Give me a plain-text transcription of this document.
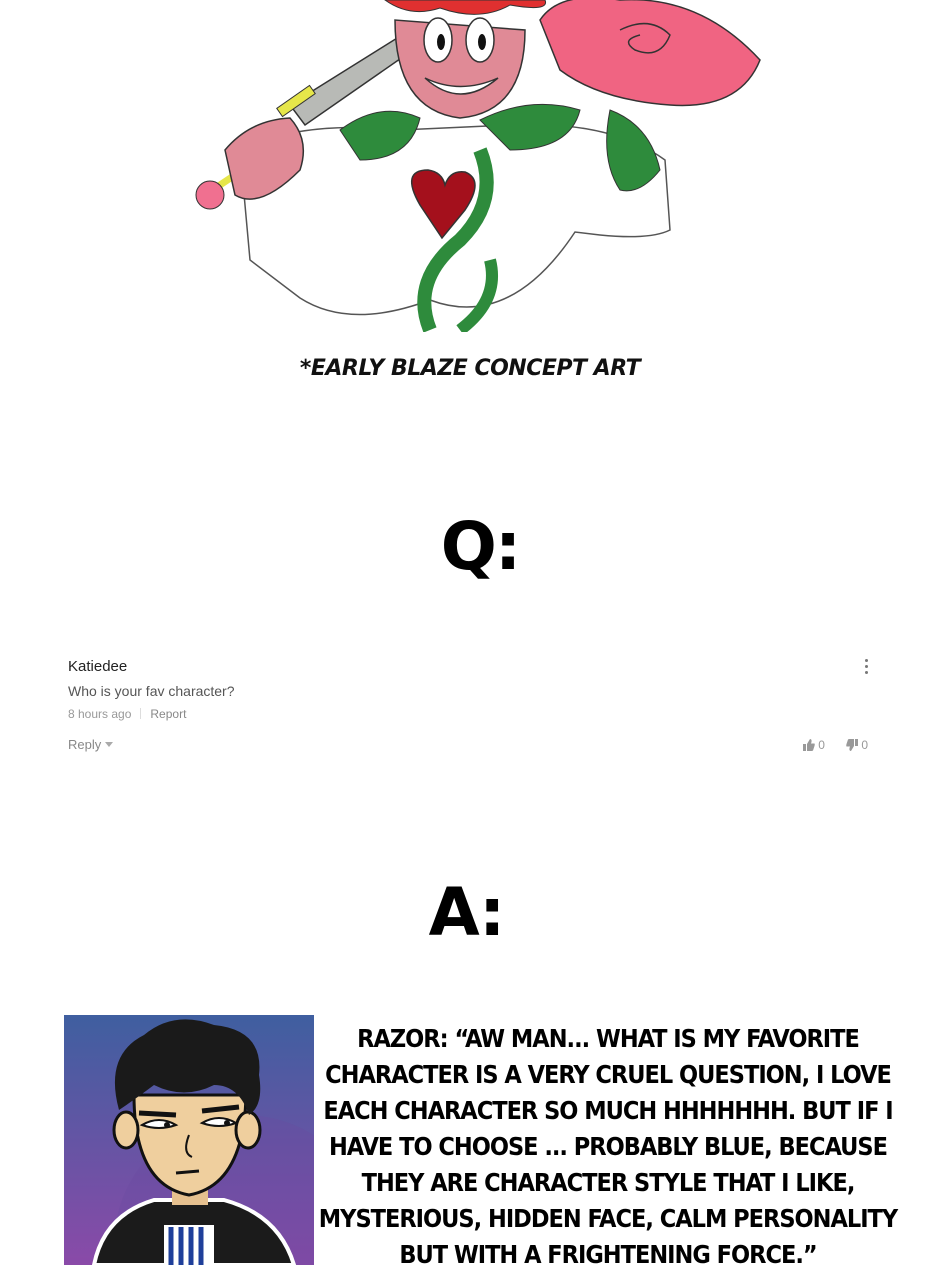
*EARLY BLAZE CONCEPT ART
Q:
Katiedee
Who is your fav character?
8 hours ago Report
Reply	0	0
A:
RAZOR: “AW MAN... WHAT IS MY FAVORITE CHARACTER IS A VERY CRUEL QUESTION, I LOVE EACH CHARACTER SO MUCH HHHHHHH. BUT IF I HAVE TO CHOOSE ... PROBABLY BLUE, BECAUSE THEY ARE CHARACTER STYLE THAT I LIKE, MYSTERIOUS, HIDDEN FACE, CALM PERSONALITY BUT WITH A FRIGHTENING FORCE.”
